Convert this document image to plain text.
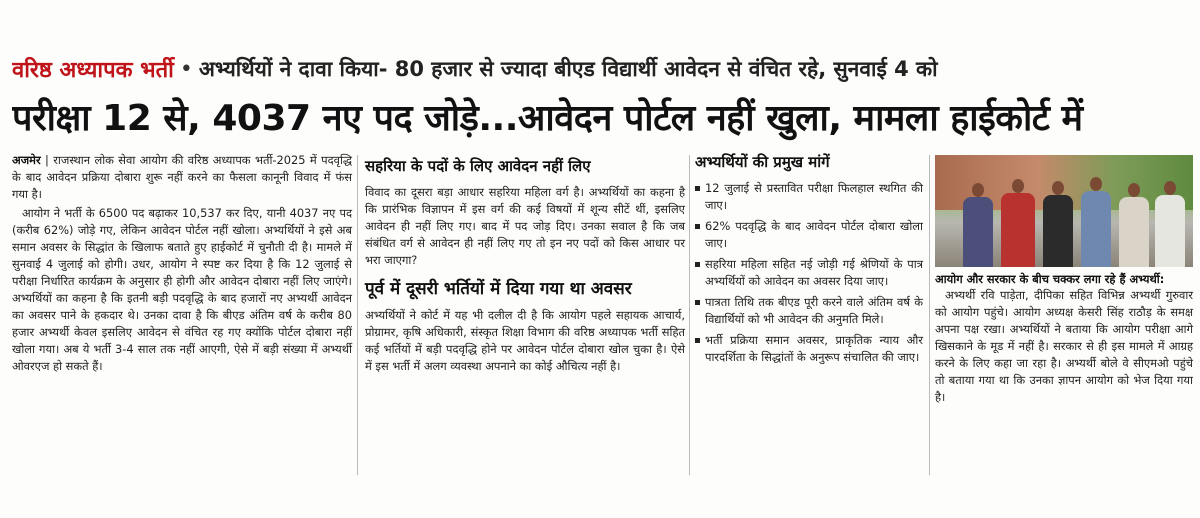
वरिष्ठ अध्यापक भर्ती • अभ्यर्थियों ने दावा किया- 80 हजार से ज्यादा बीएड विद्यार्थी आवेदन से वंचित रहे, सुनवाई 4 को
परीक्षा 12 से, 4037 नए पद जोड़े...आवेदन पोर्टल नहीं खुला, मामला हाईकोर्ट में

अजमेर | राजस्थान लोक सेवा आयोग की वरिष्ठ अध्यापक भर्ती-2025 में पदवृद्धि के बाद आवेदन प्रक्रिया दोबारा शुरू नहीं करने का फैसला कानूनी विवाद में फंस गया है।

आयोग ने भर्ती के 6500 पद बढ़ाकर 10,537 कर दिए, यानी 4037 नए पद (करीब 62%) जोड़े गए, लेकिन आवेदन पोर्टल नहीं खोला। अभ्यर्थियों ने इसे अब समान अवसर के सिद्धांत के खिलाफ बताते हुए हाईकोर्ट में चुनौती दी है। मामले में सुनवाई 4 जुलाई को होगी। उधर, आयोग ने स्पष्ट कर दिया है कि 12 जुलाई से परीक्षा निर्धारित कार्यक्रम के अनुसार ही होगी और आवेदन दोबारा नहीं लिए जाएंगे। अभ्यर्थियों का कहना है कि इतनी बड़ी पदवृद्धि के बाद हजारों नए अभ्यर्थी आवेदन का अवसर पाने के हकदार थे। उनका दावा है कि बीएड अंतिम वर्ष के करीब 80 हजार अभ्यर्थी केवल इसलिए आवेदन से वंचित रह गए क्योंकि पोर्टल दोबारा नहीं खोला गया। अब ये भर्ती 3-4 साल तक नहीं आएगी, ऐसे में बड़ी संख्या में अभ्यर्थी ओवरएज हो सकते हैं।

सहरिया के पदों के लिए आवेदन नहीं लिए

विवाद का दूसरा बड़ा आधार सहरिया महिला वर्ग है। अभ्यर्थियों का कहना है कि प्रारंभिक विज्ञापन में इस वर्ग की कई विषयों में शून्य सीटें थीं, इसलिए आवेदन ही नहीं लिए गए। बाद में पद जोड़ दिए। उनका सवाल है कि जब संबंधित वर्ग से आवेदन ही नहीं लिए गए तो इन नए पदों को किस आधार पर भरा जाएगा?

पूर्व में दूसरी भर्तियों में दिया गया था अवसर

अभ्यर्थियों ने कोर्ट में यह भी दलील दी है कि आयोग पहले सहायक आचार्य, प्रोग्रामर, कृषि अधिकारी, संस्कृत शिक्षा विभाग की वरिष्ठ अध्यापक भर्ती सहित कई भर्तियों में बड़ी पदवृद्धि होने पर आवेदन पोर्टल दोबारा खोल चुका है। ऐसे में इस भर्ती में अलग व्यवस्था अपनाने का कोई औचित्य नहीं है।

अभ्यर्थियों की प्रमुख मांगें
12 जुलाई से प्रस्तावित परीक्षा फिलहाल स्थगित की जाए।
62% पदवृद्धि के बाद आवेदन पोर्टल दोबारा खोला जाए।
सहरिया महिला सहित नई जोड़ी गई श्रेणियों के पात्र अभ्यर्थियों को आवेदन का अवसर दिया जाए।
पात्रता तिथि तक बीएड पूरी करने वाले अंतिम वर्ष के विद्यार्थियों को भी आवेदन की अनुमति मिले।
भर्ती प्रक्रिया समान अवसर, प्राकृतिक न्याय और पारदर्शिता के सिद्धांतों के अनुरूप संचालित की जाए।
आयोग और सरकार के बीच चक्कर लगा रहे हैं अभ्यर्थी:

अभ्यर्थी रवि पाड़ेता, दीपिका सहित विभिन्न अभ्यर्थी गुरुवार को आयोग पहुंचे। आयोग अध्यक्ष केसरी सिंह राठौड़ के समक्ष अपना पक्ष रखा। अभ्यर्थियों ने बताया कि आयोग परीक्षा आगे खिसकाने के मूड में नहीं है। सरकार से ही इस मामले में आग्रह करने के लिए कहा जा रहा है। अभ्यर्थी बोले वे सीएमओ पहुंचे तो बताया गया था कि उनका ज्ञापन आयोग को भेज दिया गया है।
